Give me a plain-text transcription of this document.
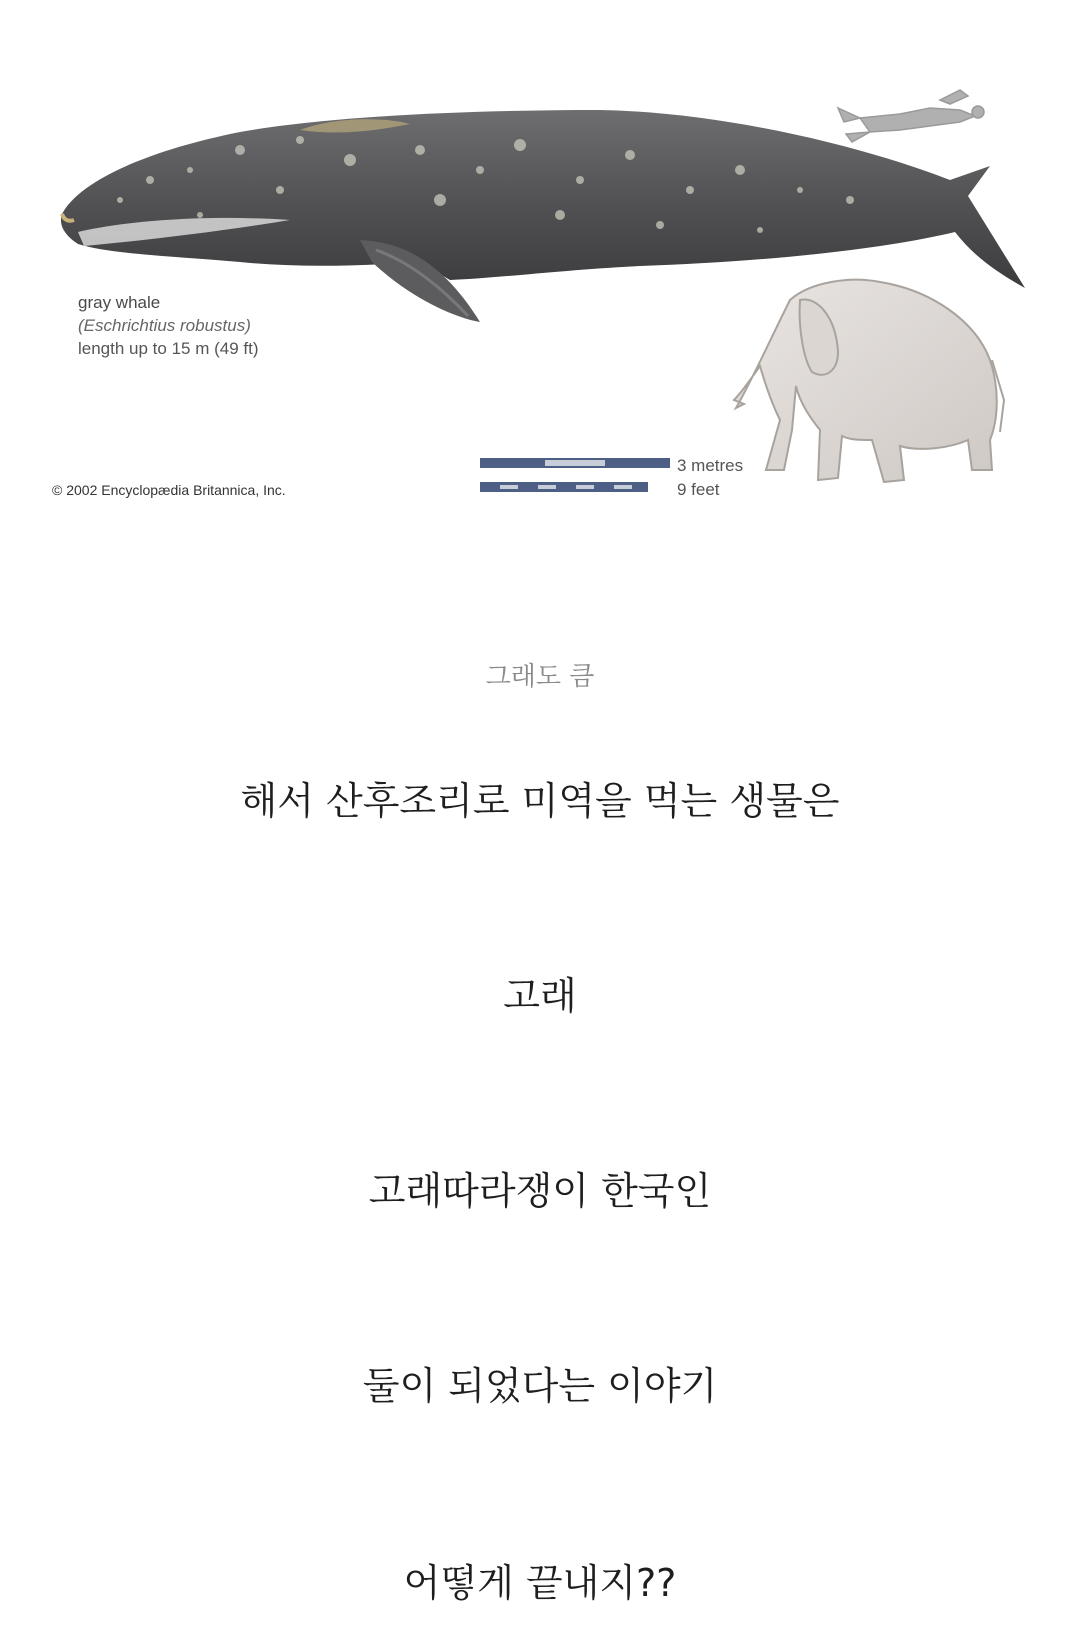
gray whale
(Eschrichtius robustus)
length up to 15 m (49 ft)
© 2002 Encyclopædia Britannica, Inc.
3 metres
9 feet
그래도 큼
해서 산후조리로 미역을 먹는 생물은
고래
고래따라쟁이 한국인
둘이 되었다는 이야기
어떻게 끝내지??
